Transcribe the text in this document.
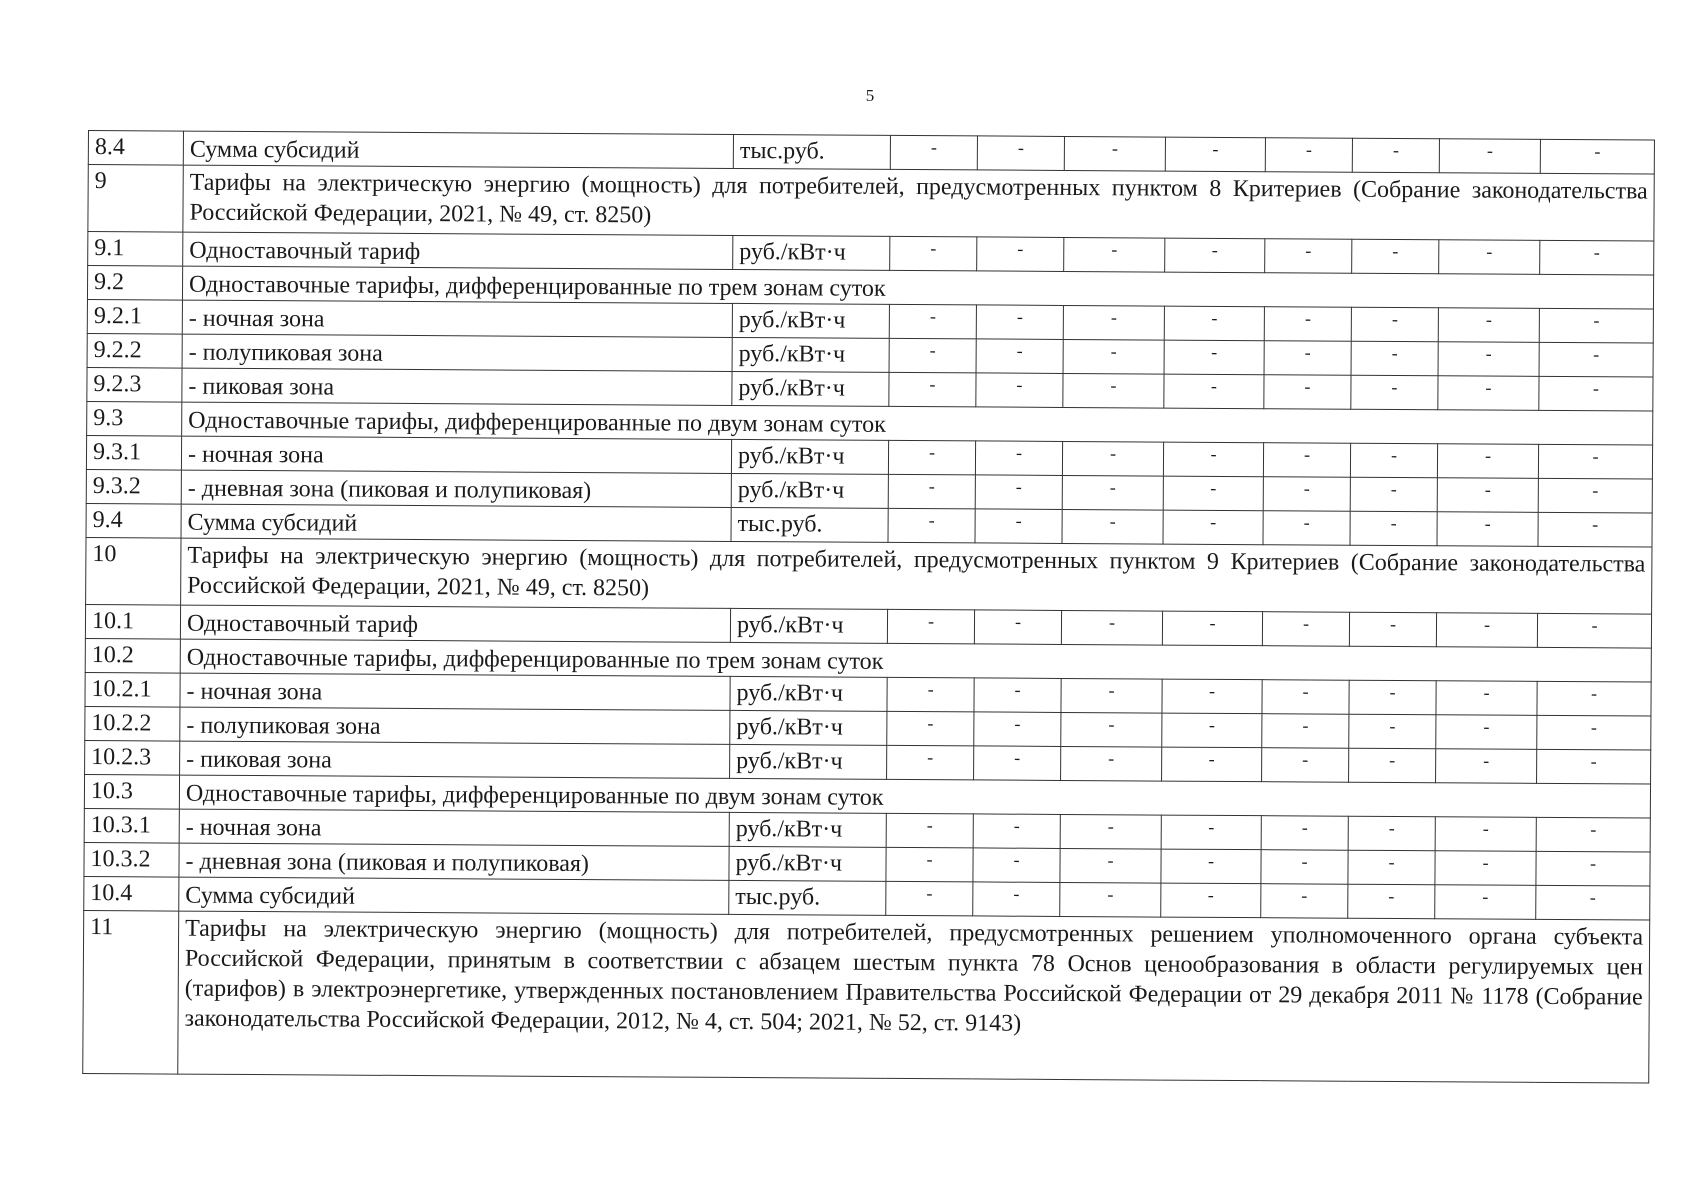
5
8.4	Сумма субсидий	тыс.руб.	-	-	-	-	-	-	-	-
9	Тарифы на электрическую энергию (мощность) для потребителей, предусмотренных пунктом 8 Критериев (Собрание законодательства Российской Федерации, 2021, № 49, ст. 8250)									
9.1	Одноставочный тариф	руб./кВт·ч	-	-	-	-	-	-	-	-
9.2	Одноставочные тарифы, дифференцированные по трем зонам суток									
9.2.1	- ночная зона	руб./кВт·ч	-	-	-	-	-	-	-	-
9.2.2	- полупиковая зона	руб./кВт·ч	-	-	-	-	-	-	-	-
9.2.3	- пиковая зона	руб./кВт·ч	-	-	-	-	-	-	-	-
9.3	Одноставочные тарифы, дифференцированные по двум зонам суток									
9.3.1	- ночная зона	руб./кВт·ч	-	-	-	-	-	-	-	-
9.3.2	- дневная зона (пиковая и полупиковая)	руб./кВт·ч	-	-	-	-	-	-	-	-
9.4	Сумма субсидий	тыс.руб.	-	-	-	-	-	-	-	-
10	Тарифы на электрическую энергию (мощность) для потребителей, предусмотренных пунктом 9 Критериев (Собрание законодательства Российской Федерации, 2021, № 49, ст. 8250)									
10.1	Одноставочный тариф	руб./кВт·ч	-	-	-	-	-	-	-	-
10.2	Одноставочные тарифы, дифференцированные по трем зонам суток									
10.2.1	- ночная зона	руб./кВт·ч	-	-	-	-	-	-	-	-
10.2.2	- полупиковая зона	руб./кВт·ч	-	-	-	-	-	-	-	-
10.2.3	- пиковая зона	руб./кВт·ч	-	-	-	-	-	-	-	-
10.3	Одноставочные тарифы, дифференцированные по двум зонам суток									
10.3.1	- ночная зона	руб./кВт·ч	-	-	-	-	-	-	-	-
10.3.2	- дневная зона (пиковая и полупиковая)	руб./кВт·ч	-	-	-	-	-	-	-	-
10.4	Сумма субсидий	тыс.руб.	-	-	-	-	-	-	-	-
11	Тарифы на электрическую энергию (мощность) для потребителей, предусмотренных решением уполномоченного органа субъекта Российской Федерации, принятым в соответствии с абзацем шестым пункта 78 Основ ценообразования в области регулируемых цен (тарифов) в электроэнергетике, утвержденных постановлением Правительства Российской Федерации от 29 декабря 2011 № 1178 (Собрание законодательства Российской Федерации, 2012, № 4, ст. 504; 2021, № 52, ст. 9143)									
